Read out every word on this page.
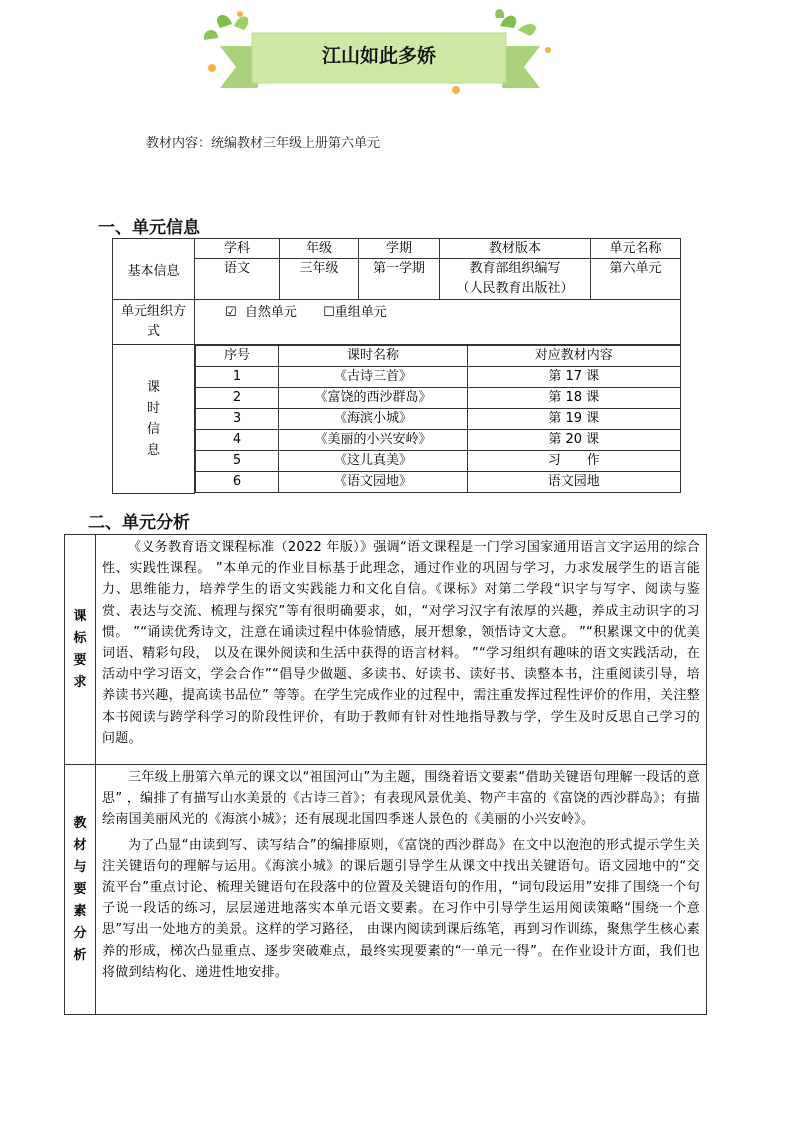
江山如此多娇
教材内容：统编教材三年级上册第六单元
一、单元信息
基本信息	学科	年级	学期	教材版本	单元名称
语文	三年级	第一学期	教育部组织编写
（人民教育出版社）	第六单元
单元组织方式	☑ 自然单元 ☐重组单元
课时信息	
序号	课时名称	对应教材内容
1	《古诗三首》	第 17 课
2	《富饶的西沙群岛》	第 18 课
3	《海滨小城》	第 19 课
4	《美丽的小兴安岭》	第 20 课
5	《这儿真美》	习　　作
6	《语文园地》	语文园地
二、单元分析
课标要求	《义务教育语文课程标准（2022 年版）》强调“语文课程是一门学习国家通用语言文字运用的综合性、实践性课程。 ”本单元的作业目标基于此理念，通过作业的巩固与学习，力求发展学生的语言能力、思维能力，培养学生的语文实践能力和文化自信。《课标》对第二学段“识字与写字、阅读与鉴赏、表达与交流、梳理与探究”等有很明确要求，如，“对学习汉字有浓厚的兴趣，养成主动识字的习惯。 ”“诵读优秀诗文，注意在诵读过程中体验情感，展开想象，领悟诗文大意。 ”“积累课文中的优美词语、精彩句段， 以及在课外阅读和生活中获得的语言材料。 ”“学习组织有趣味的语文实践活动，在活动中学习语文，学会合作”“倡导少做题、多读书、好读书、读好书、读整本书，注重阅读引导，培养读书兴趣，提高读书品位” 等等。在学生完成作业的过程中，需注重发挥过程性评价的作用，关注整本书阅读与跨学科学习的阶段性评价，有助于教师有针对性地指导教与学，学生及时反思自己学习的问题。

教材与要素分析	三年级上册第六单元的课文以“祖国河山”为主题，围绕着语文要素“借助关键语句理解一段话的意思” ，编排了有描写山水美景的《古诗三首》；有表现风景优美、物产丰富的《富饶的西沙群岛》；有描绘南国美丽风光的《海滨小城》；还有展现北国四季迷人景色的《美丽的小兴安岭》。

为了凸显“由读到写、读写结合”的编排原则，《富饶的西沙群岛》在文中以泡泡的形式提示学生关注关键语句的理解与运用。《海滨小城》的课后题引导学生从课文中找出关键语句。语文园地中的“交流平台”重点讨论、梳理关键语句在段落中的位置及关键语句的作用，“词句段运用”安排了围绕一个句子说一段话的练习，层层递进地落实本单元语文要素。在习作中引导学生运用阅读策略“围绕一个意思”写出一处地方的美景。这样的学习路径， 由课内阅读到课后练笔，再到习作训练，聚焦学生核心素养的形成，梯次凸显重点、逐步突破难点，最终实现要素的“一单元一得”。在作业设计方面，我们也将做到结构化、递进性地安排。
